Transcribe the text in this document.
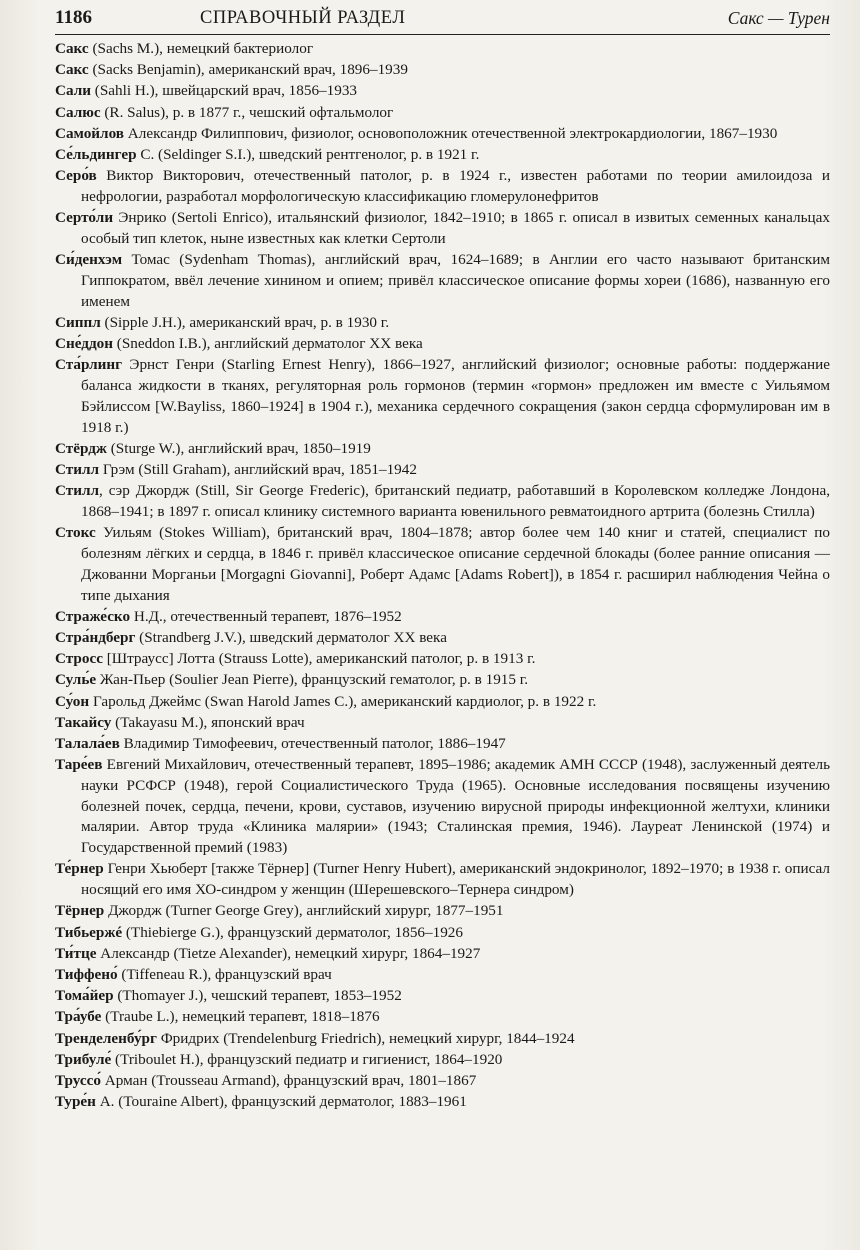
1186	СПРАВОЧНЫЙ РАЗДЕЛ	Сакс — Турен

Сакс (Sachs M.), немецкий бактериолог

Сакс (Sacks Benjamin), американский врач, 1896–1939

Сали (Sahli H.), швейцарский врач, 1856–1933

Салюс (R. Salus), р. в 1877 г., чешский офтальмолог

Самойлов Александр Филиппович, физиолог, основоположник отечественной электрокардиологии, 1867–1930

Се́льдингер С. (Seldinger S.I.), шведский рентгенолог, р. в 1921 г.

Серо́в Виктор Викторович, отечественный патолог, р. в 1924 г., известен работами по теории амилоидоза и нефрологии, разработал морфологическую классификацию гломерулонефритов

Серто́ли Энрико (Sertoli Enrico), итальянский физиолог, 1842–1910; в 1865 г. описал в извитых семенных канальцах особый тип клеток, ныне известных как клетки Сертоли

Си́денхэм Томас (Sydenham Thomas), английский врач, 1624–1689; в Англии его часто называют британским Гиппократом, ввёл лечение хинином и опием; привёл классическое описание формы хореи (1686), названную его именем

Сиппл (Sipple J.H.), американский врач, р. в 1930 г.

Сне́ддон (Sneddon I.B.), английский дерматолог XX века

Ста́рлинг Эрнст Генри (Starling Ernest Henry), 1866–1927, английский физиолог; основные работы: поддержание баланса жидкости в тканях, регуляторная роль гормонов (термин «гормон» предложен им вместе с Уильямом Бэйлиссом [W.Bayliss, 1860–1924] в 1904 г.), механика сердечного сокращения (закон сердца сформулирован им в 1918 г.)

Стёрдж (Sturge W.), английский врач, 1850–1919

Стилл Грэм (Still Graham), английский врач, 1851–1942

Стилл, сэр Джордж (Still, Sir George Frederic), британский педиатр, работавший в Королевском колледже Лондона, 1868–1941; в 1897 г. описал клинику системного варианта ювенильного ревматоидного артрита (болезнь Стилла)

Стокс Уильям (Stokes William), британский врач, 1804–1878; автор более чем 140 книг и статей, специалист по болезням лёгких и сердца, в 1846 г. привёл классическое описание сердечной блокады (более ранние описания — Джованни Морганьи [Morgagni Giovanni], Роберт Адамс [Adams Robert]), в 1854 г. расширил наблюдения Чейна о типе дыхания

Страже́ско Н.Д., отечественный терапевт, 1876–1952

Стра́ндберг (Strandberg J.V.), шведский дерматолог XX века

Стросс [Штраусс] Лотта (Strauss Lotte), американский патолог, р. в 1913 г.

Суль́е Жан-Пьер (Soulier Jean Pierre), французский гематолог, р. в 1915 г.

Су́он Гарольд Джеймс (Swan Harold James C.), американский кардиолог, р. в 1922 г.

Такайсу (Takayasu M.), японский врач

Талала́ев Владимир Тимофеевич, отечественный патолог, 1886–1947

Таре́ев Евгений Михайлович, отечественный терапевт, 1895–1986; академик АМН СССР (1948), заслуженный деятель науки РСФСР (1948), герой Социалистического Труда (1965). Основные исследования посвящены изучению болезней почек, сердца, печени, крови, суставов, изучению вирусной природы инфекционной желтухи, клиники малярии. Автор труда «Клиника малярии» (1943; Сталинская премия, 1946). Лауреат Ленинской (1974) и Государственной премий (1983)

Те́рнер Генри Хьюберт [также Тёрнер] (Turner Henry Hubert), американский эндокринолог, 1892–1970; в 1938 г. описал носящий его имя ХО-синдром у женщин (Шерешевского–Тернера синдром)

Тёрнер Джордж (Turner George Grey), английский хирург, 1877–1951

Тибьержé (Thiebierge G.), французский дерматолог, 1856–1926

Ти́тце Александр (Tietze Alexander), немецкий хирург, 1864–1927

Тиффено́ (Tiffeneau R.), французский врач

Тома́йер (Thomayer J.), чешский терапевт, 1853–1952

Тра́убе (Traube L.), немецкий терапевт, 1818–1876

Тренделенбу́рг Фридрих (Trendelenburg Friedrich), немецкий хирург, 1844–1924

Трибуле́ (Triboulet H.), французский педиатр и гигиенист, 1864–1920

Труссо́ Арман (Trousseau Armand), французский врач, 1801–1867

Туре́н А. (Touraine Albert), французский дерматолог, 1883–1961
